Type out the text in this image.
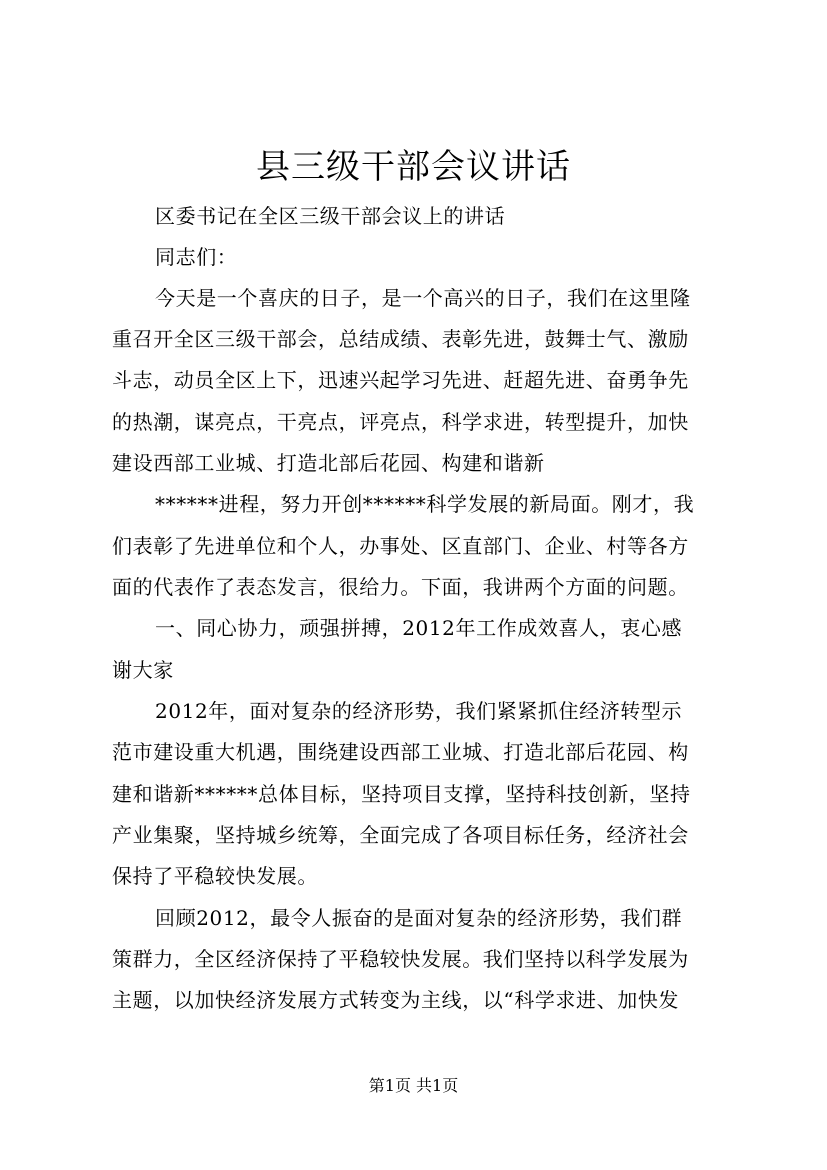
县三级干部会议讲话
区委书记在全区三级干部会议上的讲话
同志们：
今天是一个喜庆的日子，是一个高兴的日子，我们在这里隆
重召开全区三级干部会，总结成绩、表彰先进，鼓舞士气、激励
斗志，动员全区上下，迅速兴起学习先进、赶超先进、奋勇争先
的热潮，谋亮点，干亮点，评亮点，科学求进，转型提升，加快
建设西部工业城、打造北部后花园、构建和谐新
******进程，努力开创******科学发展的新局面。刚才，我
们表彰了先进单位和个人，办事处、区直部门、企业、村等各方
面的代表作了表态发言，很给力。下面，我讲两个方面的问题。
一、同心协力，顽强拼搏，2012年工作成效喜人，衷心感
谢大家
2012年，面对复杂的经济形势，我们紧紧抓住经济转型示
范市建设重大机遇，围绕建设西部工业城、打造北部后花园、构
建和谐新******总体目标，坚持项目支撑，坚持科技创新，坚持
产业集聚，坚持城乡统筹，全面完成了各项目标任务，经济社会
保持了平稳较快发展。
回顾2012，最令人振奋的是面对复杂的经济形势，我们群
策群力，全区经济保持了平稳较快发展。我们坚持以科学发展为
主题，以加快经济发展方式转变为主线，以“科学求进、加快发
第1页 共1页
